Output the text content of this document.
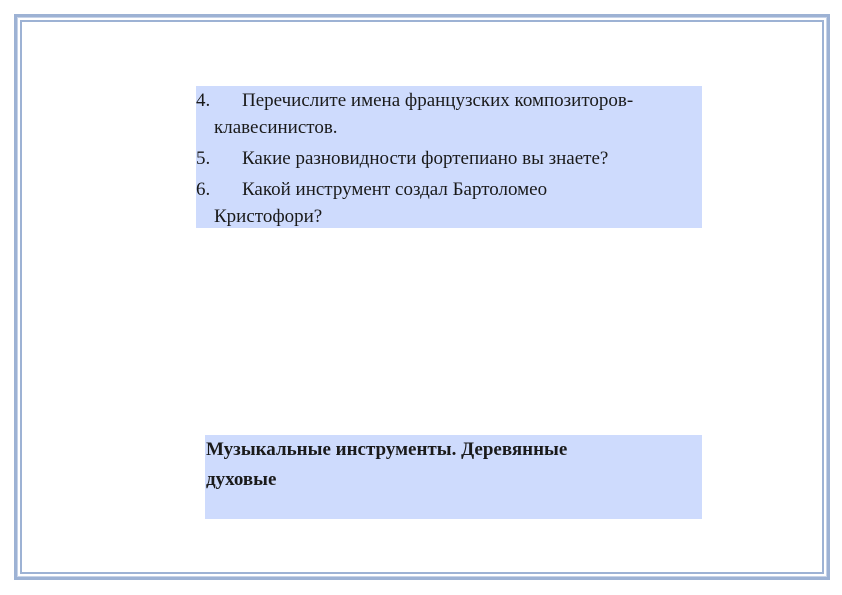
4.	Перечислите имена французских композиторов-
клавесинистов.
5.	Какие разновидности фортепиано вы знаете?
6.	Какой инструмент создал Бартоломео
Кристофори?

Музыкальные инструменты. Деревянные
духовые
